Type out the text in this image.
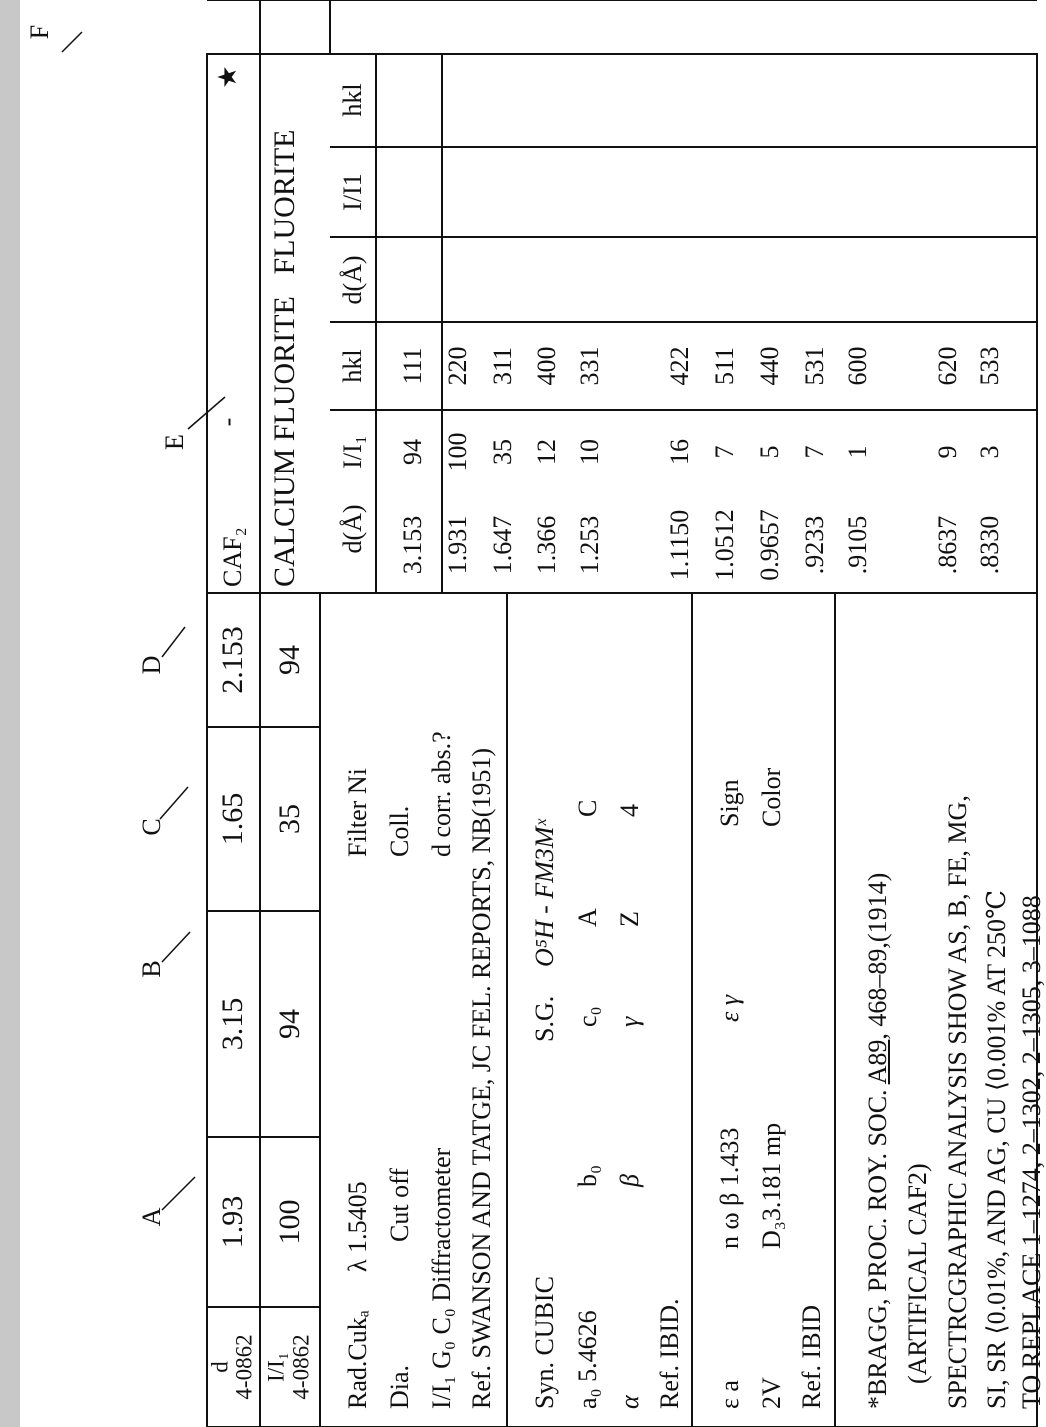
d 4-0862 I/I₁ 4-0862
A
B
C
D
E
F
★
1.93 100
3.15 94
1.65 35
2.153 94
CAF₂
- CALCIUM FLUORITE
FLUORITE
Rad.Cukₐ
λ 1.5405
Filter Ni
Dia.
Cut off
Coll.
I/I₁ G₀ C₀ Diffractometer
d corr. abs.? Ref. SWANSON AND TATGE, JC FEL. REPORTS, NB(1951) Syn. CUBIC
S.G.
O⁵H - FM3Mˣ
a₀ 5.4626
b₀
c₀
A
C
α
β
γ
Z
4
Ref. IBID. ε a
n ω β 1.433
ε γ
Sign
2V
D₃3.181 mp
Color
Ref. IBID *BRAGG, PROC. ROY. SOC. A89, 468–89,(1914)
(ARTIFICAL CAF2) SPECTRCGRAPHIC ANALYSIS SHOW AS, B, FE, MG, SI, SR ⟨0.01%, AND AG, CU ⟨0.001% AT 250℃ TO REPLACE 1–1274, 2–1302, 2–1305, 3–1088
d(Å)
I/I₁
hkl
d(Å)
I/I1
hkl
3.153
94
111
1.931
100
220
1.647
35
311
1.366
12
400
1.253
10
331
1.1150
16
422
1.0512
7
511
0.9657
5
440
.9233
7
531
.9105
1
600
.8637
9
620
.8330
3
533
